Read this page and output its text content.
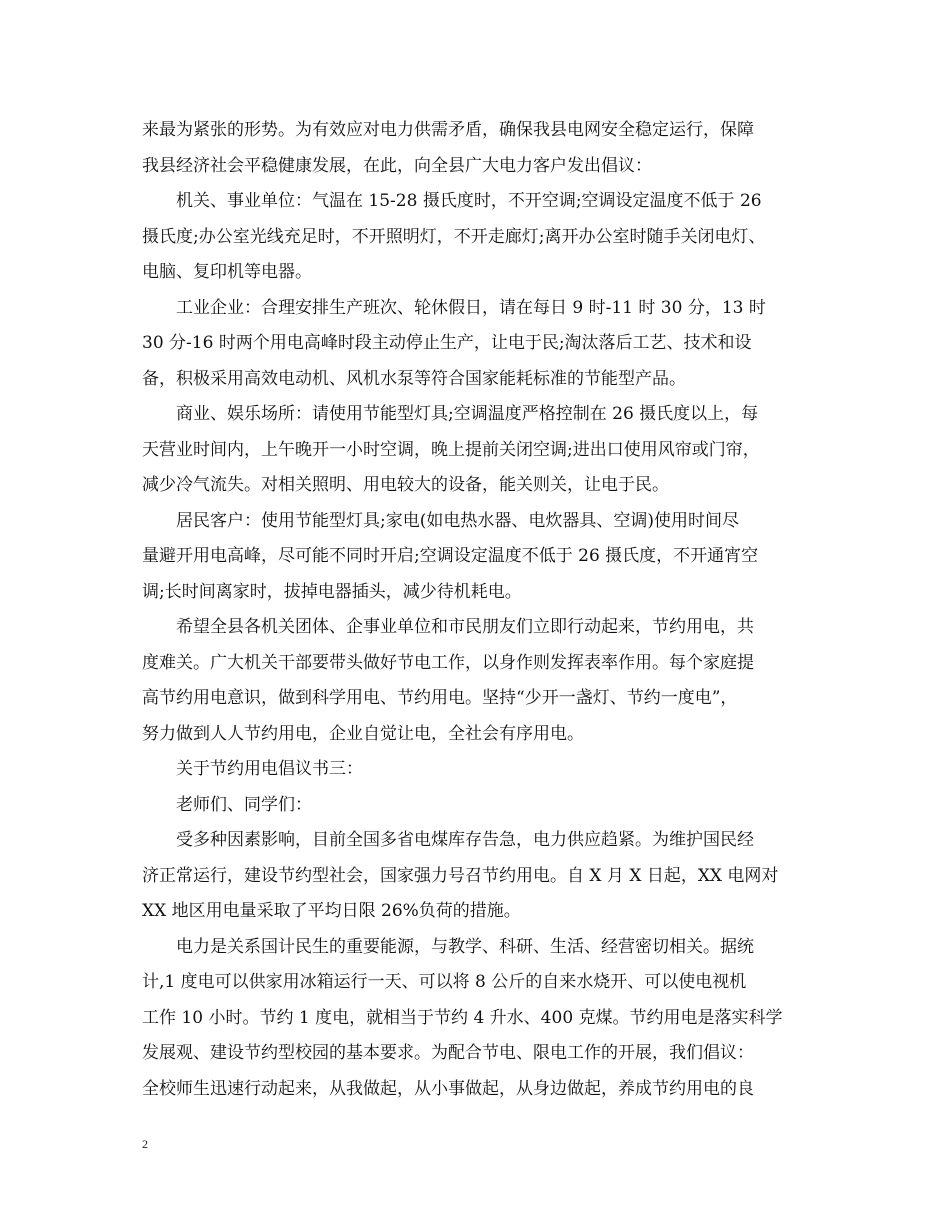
来最为紧张的形势。为有效应对电力供需矛盾，确保我县电网安全稳定运行，保障
我县经济社会平稳健康发展，在此，向全县广大电力客户发出倡议：
机关、事业单位：气温在 15-28 摄氏度时，不开空调;空调设定温度不低于 26
摄氏度;办公室光线充足时，不开照明灯，不开走廊灯;离开办公室时随手关闭电灯、
电脑、复印机等电器。
工业企业：合理安排生产班次、轮休假日，请在每日 9 时-11 时 30 分，13 时
30 分-16 时两个用电高峰时段主动停止生产，让电于民;淘汰落后工艺、技术和设
备，积极采用高效电动机、风机水泵等符合国家能耗标准的节能型产品。
商业、娱乐场所：请使用节能型灯具;空调温度严格控制在 26 摄氏度以上，每
天营业时间内，上午晚开一小时空调，晚上提前关闭空调;进出口使用风帘或门帘，
减少冷气流失。对相关照明、用电较大的设备，能关则关，让电于民。
居民客户：使用节能型灯具;家电(如电热水器、电炊器具、空调)使用时间尽
量避开用电高峰，尽可能不同时开启;空调设定温度不低于 26 摄氏度，不开通宵空
调;长时间离家时，拔掉电器插头，减少待机耗电。
希望全县各机关团体、企事业单位和市民朋友们立即行动起来，节约用电，共
度难关。广大机关干部要带头做好节电工作，以身作则发挥表率作用。每个家庭提
高节约用电意识，做到科学用电、节约用电。坚持“少开一盏灯、节约一度电”，
努力做到人人节约用电，企业自觉让电，全社会有序用电。
关于节约用电倡议书三：
老师们、同学们：
受多种因素影响，目前全国多省电煤库存告急，电力供应趋紧。为维护国民经
济正常运行，建设节约型社会，国家强力号召节约用电。自 X 月 X 日起，XX 电网对
XX 地区用电量采取了平均日限 26%负荷的措施。
电力是关系国计民生的重要能源，与教学、科研、生活、经营密切相关。据统
计,1 度电可以供家用冰箱运行一天、可以将 8 公斤的自来水烧开、可以使电视机
工作 10 小时。节约 1 度电，就相当于节约 4 升水、400 克煤。节约用电是落实科学
发展观、建设节约型校园的基本要求。为配合节电、限电工作的开展，我们倡议：
全校师生迅速行动起来，从我做起，从小事做起，从身边做起，养成节约用电的良
2
